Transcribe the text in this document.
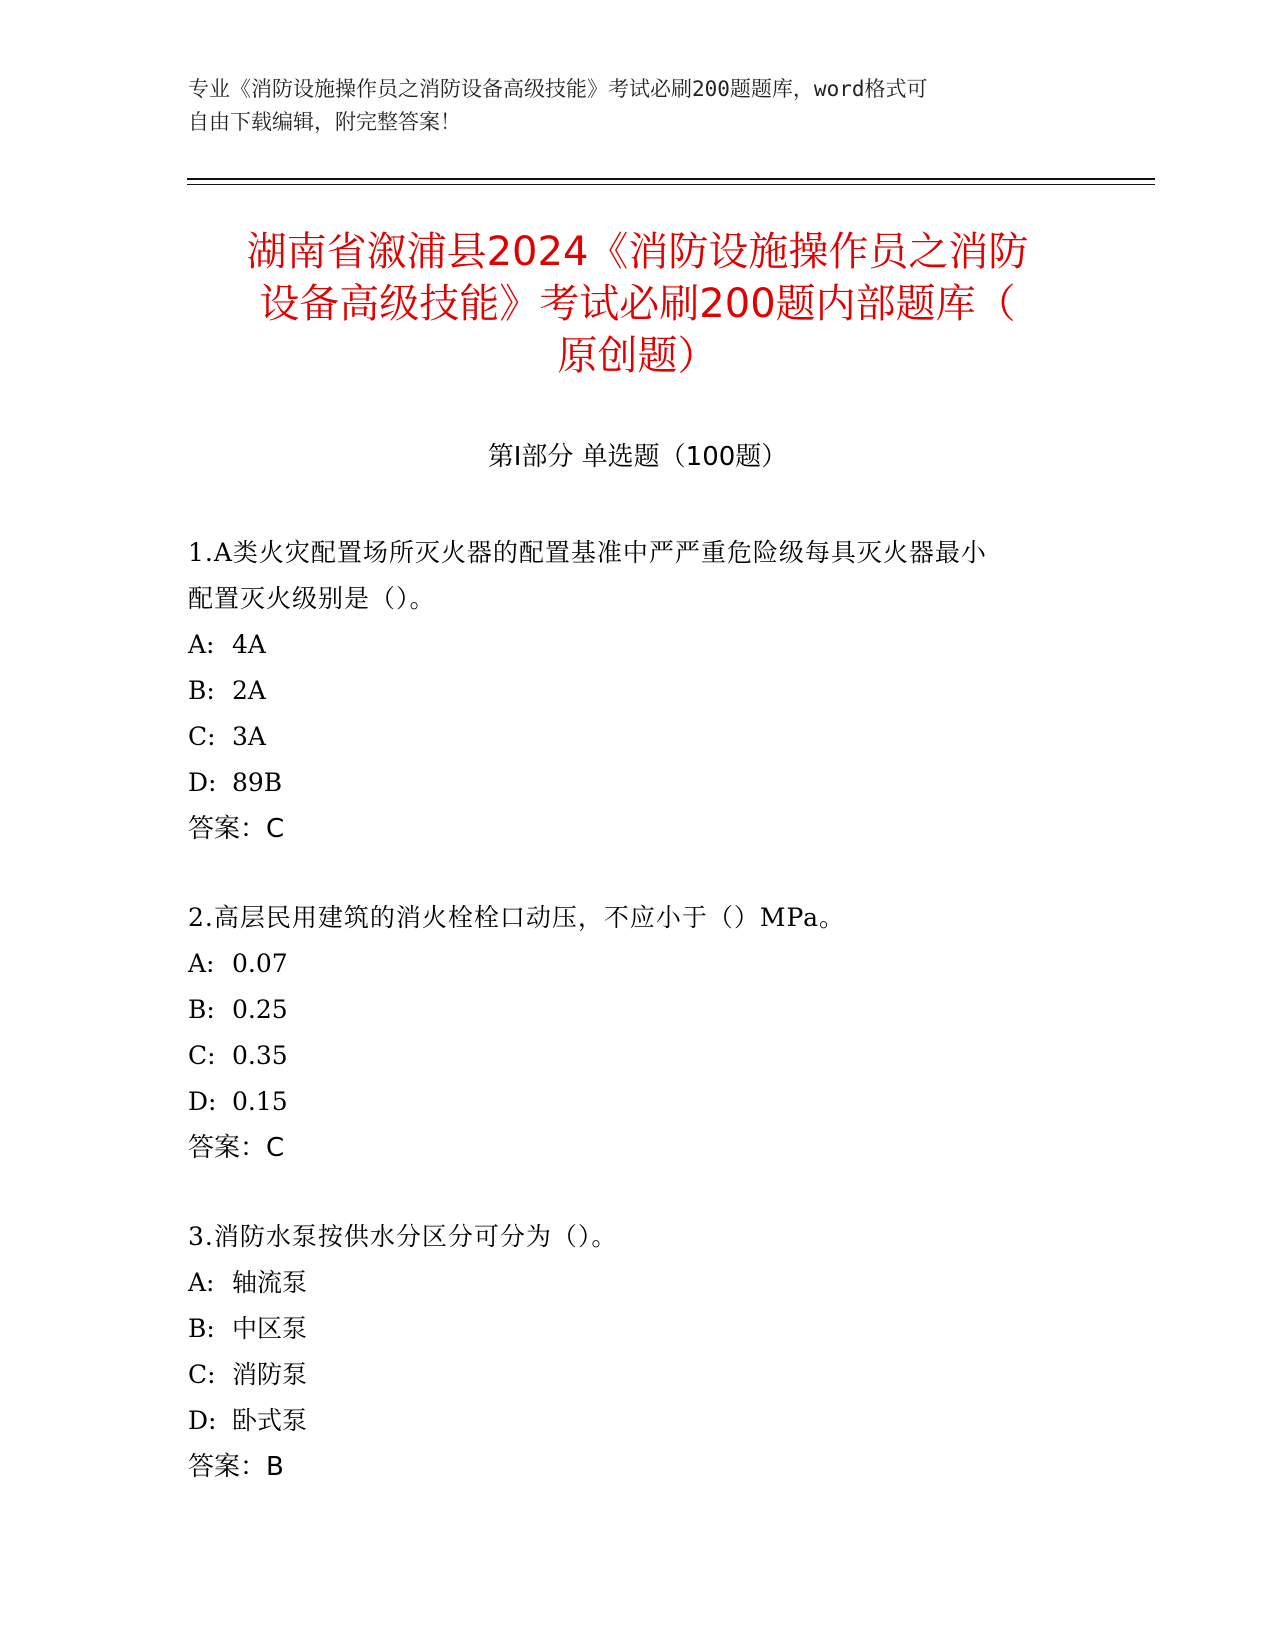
专业《消防设施操作员之消防设备高级技能》考试必刷200题题库，word格式可
自由下载编辑，附完整答案！
湖南省溆浦县2024《消防设施操作员之消防
设备高级技能》考试必刷200题内部题库（
原创题）
第I部分 单选题（100题）
1.A类火灾配置场所灭火器的配置基准中严严重危险级每具灭火器最小
配置灭火级别是（）。
A: 4A
B: 2A
C: 3A
D: 89B
答案：C
2.高层民用建筑的消火栓栓口动压，不应小于（）MPa。
A: 0.07
B: 0.25
C: 0.35
D: 0.15
答案：C
3.消防水泵按供水分区分可分为（）。
A: 轴流泵
B: 中区泵
C: 消防泵
D: 卧式泵
答案：B
